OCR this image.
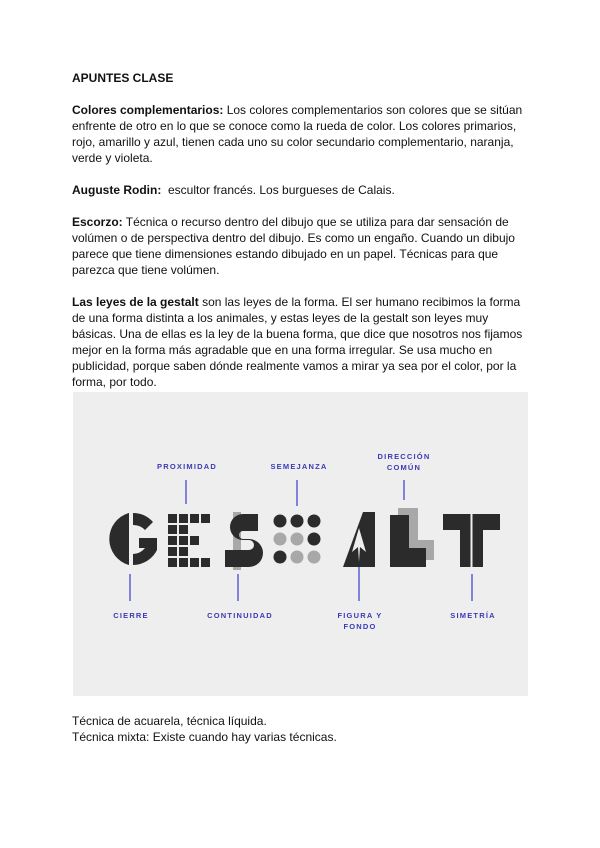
APUNTES CLASE

Colores complementarios: Los colores complementarios son colores que se sitúan enfrente de otro en lo que se conoce como la rueda de color. Los colores primarios, rojo, amarillo y azul, tienen cada uno su color secundario complementario, naranja, verde y violeta.

Auguste Rodin:  escultor francés. Los burgueses de Calais.

Escorzo: Técnica o recurso dentro del dibujo que se utiliza para dar sensación de volúmen o de perspectiva dentro del dibujo. Es como un engaño. Cuando un dibujo parece que tiene dimensiones estando dibujado en un papel. Técnicas para que parezca que tiene volúmen.

Las leyes de la gestalt son las leyes de la forma. El ser humano recibimos la forma de una forma distinta a los animales, y estas leyes de la gestalt son leyes muy básicas. Una de ellas es la ley de la buena forma, que dice que nosotros nos fijamos mejor en la forma más agradable que en una forma irregular. Se usa mucho en publicidad, porque saben dónde realmente vamos a mirar ya sea por el color, por la forma, por todo.

PROXIMIDAD	SEMEJANZA
DIRECCIÓN
COMÚN
CIERRE	CONTINUIDAD	FIGURA Y
FONDO
SIMETRÍA
Técnica de acuarela, técnica líquida.
Técnica mixta: Existe cuando hay varias técnicas.
